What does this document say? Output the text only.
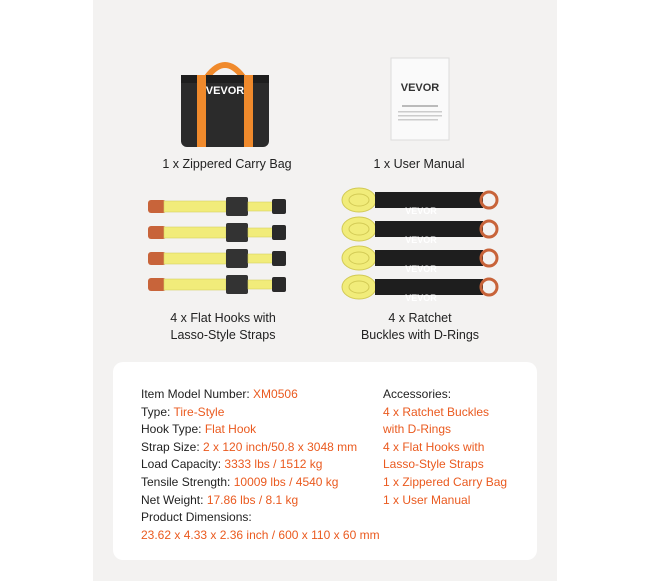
VEVOR
1 x Zippered Carry Bag
VEVOR
1 x User Manual
4 x Flat Hooks with
Lasso-Style Straps
VEVOR
VEVOR
VEVOR
VEVOR
4 x Ratchet
Buckles with D-Rings
Item Model Number: XM0506
Type: Tire-Style
Hook Type: Flat Hook
Strap Size: 2 x 120 inch/50.8 x 3048 mm
Load Capacity: 3333 lbs / 1512 kg
Tensile Strength: 10009 lbs / 4540 kg
Net Weight: 17.86 lbs / 8.1 kg
Product Dimensions:
23.62 x 4.33 x 2.36 inch / 600 x 110 x 60 mm
Accessories:
4 x Ratchet Buckles
with D-Rings
4 x Flat Hooks with
Lasso-Style Straps
1 x Zippered Carry Bag
1 x User Manual
